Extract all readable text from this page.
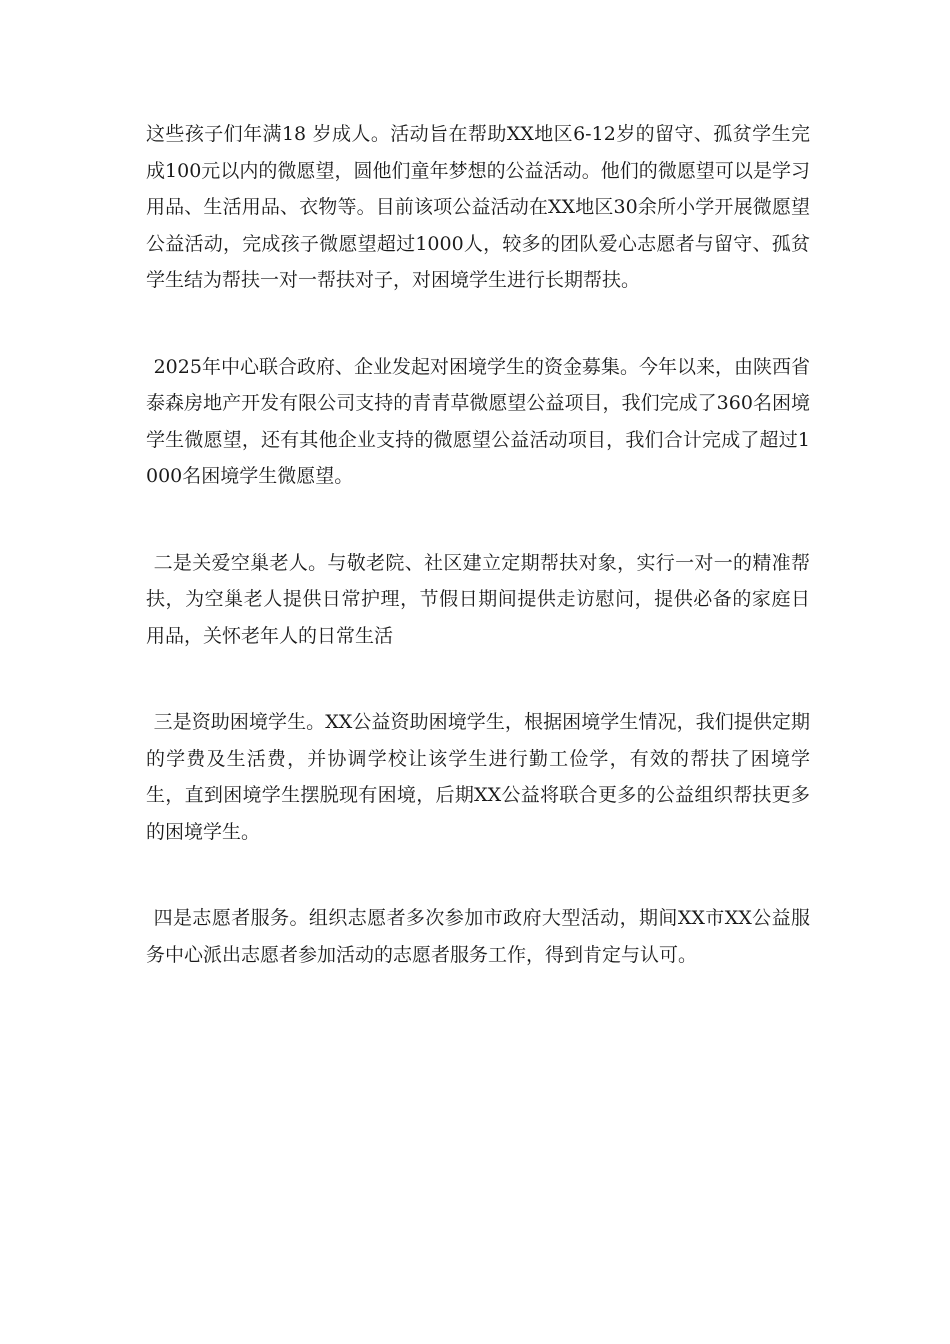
这些孩子们年满18 岁成人。活动旨在帮助XX地区6-12岁的留守、孤贫学生完成100元以内的微愿望，圆他们童年梦想的公益活动。他们的微愿望可以是学习用品、生活用品、衣物等。目前该项公益活动在XX地区30余所小学开展微愿望公益活动，完成孩子微愿望超过1000人，较多的团队爱心志愿者与留守、孤贫学生结为帮扶一对一帮扶对子，对困境学生进行长期帮扶。

2025年中心联合政府、企业发起对困境学生的资金募集。今年以来，由陕西省泰森房地产开发有限公司支持的青青草微愿望公益项目，我们完成了360名困境学生微愿望，还有其他企业支持的微愿望公益活动项目，我们合计完成了超过1000名困境学生微愿望。

二是关爱空巢老人。与敬老院、社区建立定期帮扶对象，实行一对一的精准帮扶，为空巢老人提供日常护理，节假日期间提供走访慰问，提供必备的家庭日用品，关怀老年人的日常生活

三是资助困境学生。XX公益资助困境学生，根据困境学生情况，我们提供定期的学费及生活费，并协调学校让该学生进行勤工俭学，有效的帮扶了困境学生，直到困境学生摆脱现有困境，后期XX公益将联合更多的公益组织帮扶更多的困境学生。

四是志愿者服务。组织志愿者多次参加市政府大型活动，期间XX市XX公益服务中心派出志愿者参加活动的志愿者服务工作，得到肯定与认可。
